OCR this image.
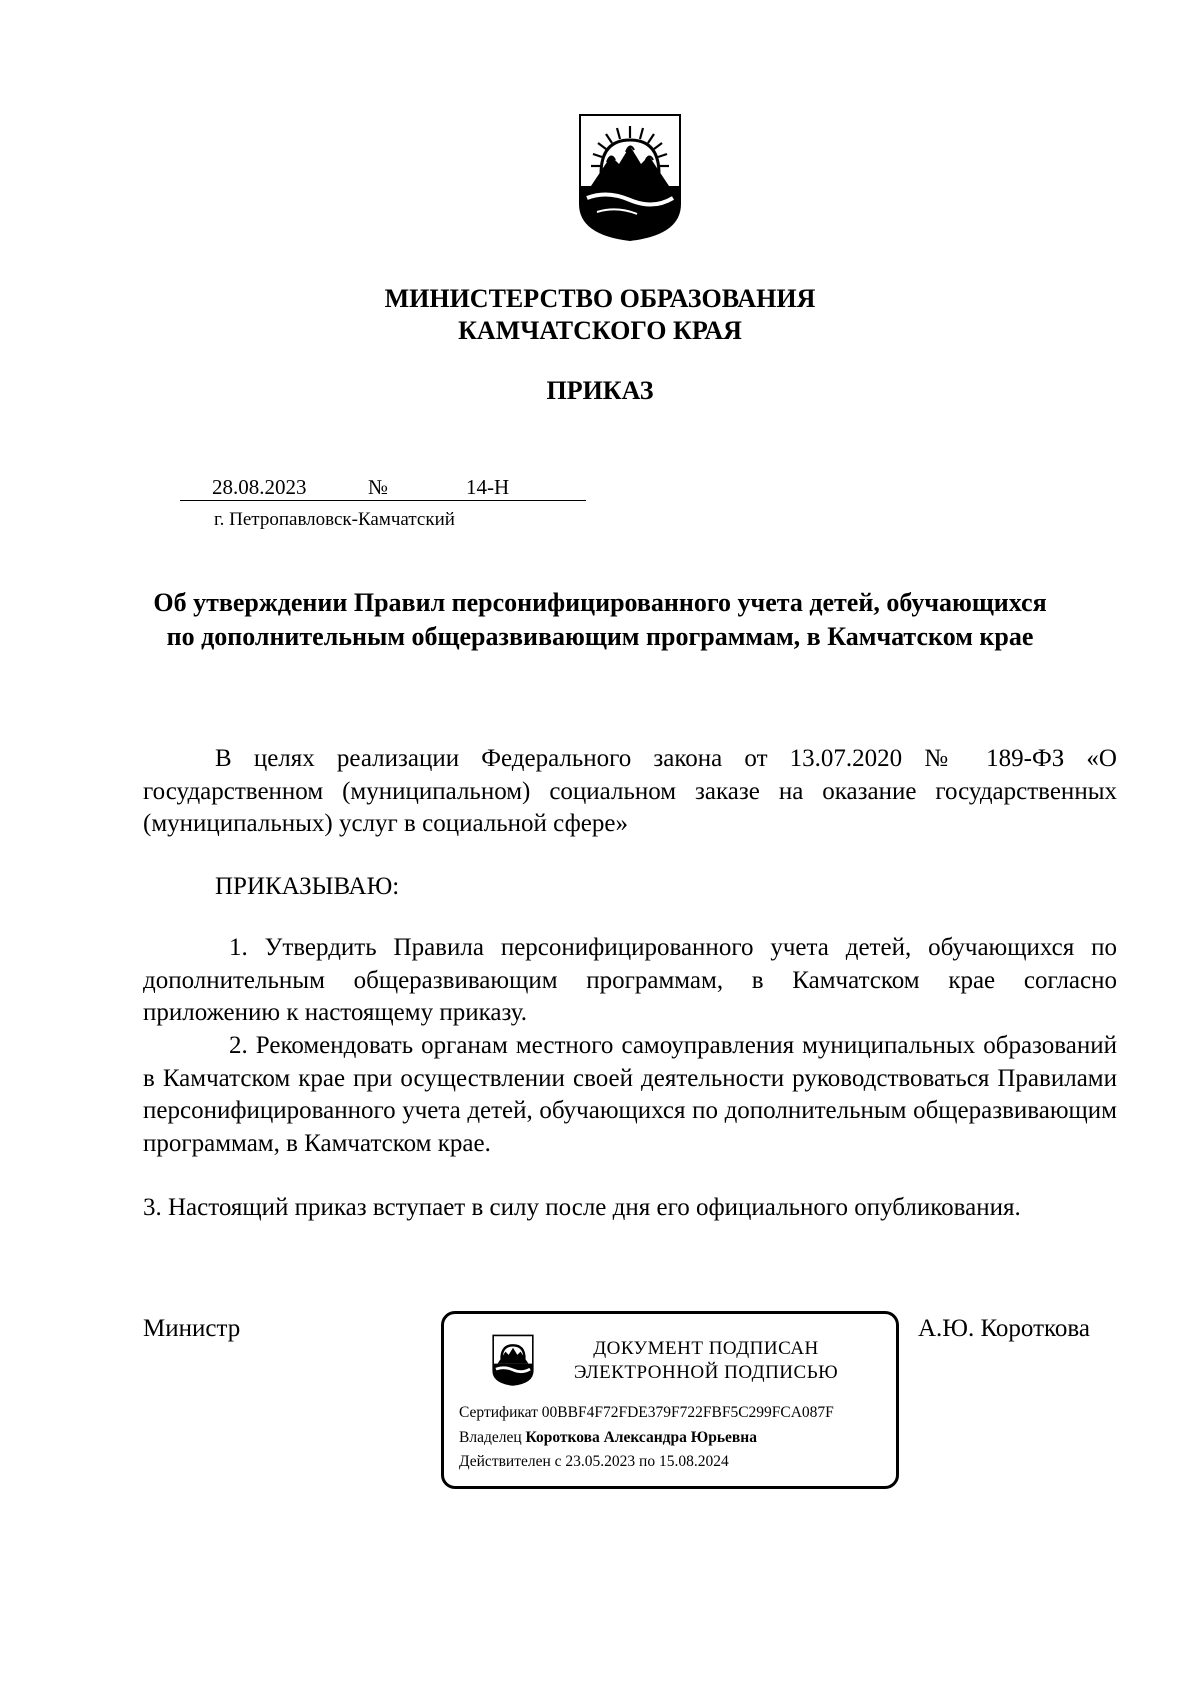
МИНИСТЕРСТВО ОБРАЗОВАНИЯ
КАМЧАТСКОГО КРАЯ
ПРИКАЗ
28.08.2023	№	14-Н
г. Петропавловск-Камчатский
Об утверждении Правил персонифицированного учета детей, обучающихся по дополнительным общеразвивающим программам, в Камчатском крае
В целях реализации Федерального закона от 13.07.2020 № 189-ФЗ «О государственном (муниципальном) социальном заказе на оказание государственных (муниципальных) услуг в социальной сфере»
ПРИКАЗЫВАЮ:
1. Утвердить Правила персонифицированного учета детей, обучающихся по дополнительным общеразвивающим программам, в Камчатском крае согласно приложению к настоящему приказу.
2. Рекомендовать органам местного самоуправления муниципальных образований в Камчатском крае при осуществлении своей деятельности руководствоваться Правилами персонифицированного учета детей, обучающихся по дополнительным общеразвивающим программам, в Камчатском крае.
3. Настоящий приказ вступает в силу после дня его официального опубликования.
Министр	А.Ю. Короткова
ДОКУМЕНТ ПОДПИСАН
ЭЛЕКТРОННОЙ ПОДПИСЬЮ
Сертификат 00BBF4F72FDE379F722FBF5C299FCA087F
Владелец Короткова Александра Юрьевна
Действителен с 23.05.2023 по 15.08.2024
